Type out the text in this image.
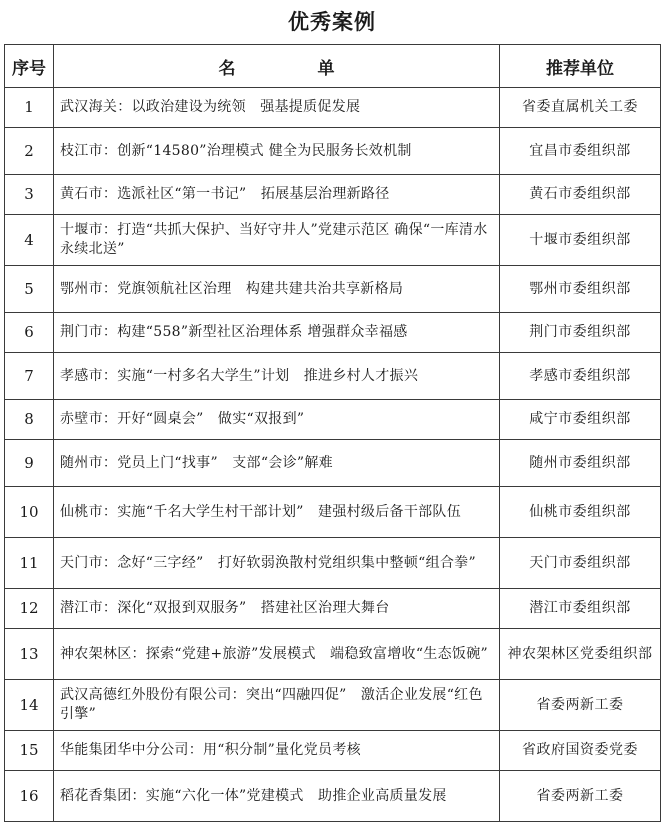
优秀案例
序号	名 单	推荐单位
1	武汉海关：以政治建设为统领　强基提质促发展	省委直属机关工委
2	枝江市：创新“14580”治理模式 健全为民服务长效机制	宜昌市委组织部
3	黄石市：选派社区“第一书记”　拓展基层治理新路径	黄石市委组织部
4	十堰市：打造“共抓大保护、当好守井人”党建示范区 确保“一库清水永续北送”	十堰市委组织部
5	鄂州市：党旗领航社区治理　构建共建共治共享新格局	鄂州市委组织部
6	荆门市：构建“558”新型社区治理体系 增强群众幸福感	荆门市委组织部
7	孝感市：实施“一村多名大学生”计划　推进乡村人才振兴	孝感市委组织部
8	赤壁市：开好“圆桌会”　做实“双报到”	咸宁市委组织部
9	随州市：党员上门“找事”　支部“会诊”解难	随州市委组织部
10	仙桃市：实施“千名大学生村干部计划”　建强村级后备干部队伍	仙桃市委组织部
11	天门市：念好“三字经”　打好软弱涣散村党组织集中整顿“组合拳”	天门市委组织部
12	潜江市：深化“双报到双服务”　搭建社区治理大舞台	潜江市委组织部
13	神农架林区：探索“党建+旅游”发展模式　端稳致富增收“生态饭碗”	神农架林区党委组织部
14	武汉高德红外股份有限公司：突出“四融四促”　激活企业发展“红色引擎”	省委两新工委
15	华能集团华中分公司：用“积分制”量化党员考核	省政府国资委党委
16	稻花香集团：实施“六化一体”党建模式　助推企业高质量发展	省委两新工委
